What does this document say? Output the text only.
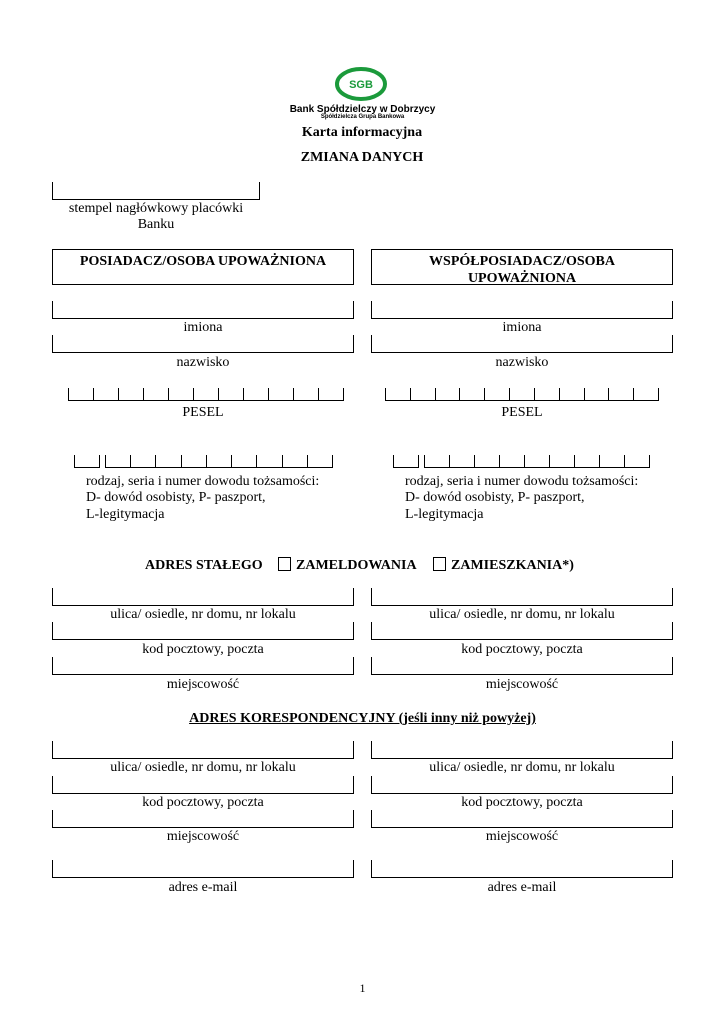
SGB
Bank Spółdzielczy w Dobrzycy
Spółdzielcza Grupa Bankowa
Karta informacyjna
ZMIANA DANYCH
stempel nagłówkowy placówki
Banku
POSIADACZ/OSOBA UPOWAŻNIONA	WSPÓŁPOSIADACZ/OSOBA UPOWAŻNIONA
imiona
nazwisko
PESEL
rodzaj, seria i numer dowodu tożsamości:
D- dowód osobisty, P- paszport,
L-legitymacja
imiona
nazwisko
PESEL
rodzaj, seria i numer dowodu tożsamości:
D- dowód osobisty, P- paszport,
L-legitymacja
ADRES STAŁEGO ZAMELDOWANIA ZAMIESZKANIA*)
ulica/ osiedle, nr domu, nr lokalu
kod pocztowy, poczta
miejscowość
ulica/ osiedle, nr domu, nr lokalu
kod pocztowy, poczta
miejscowość
ADRES KORESPONDENCYJNY (jeśli inny niż powyżej)
ulica/ osiedle, nr domu, nr lokalu
kod pocztowy, poczta
miejscowość
adres e-mail
ulica/ osiedle, nr domu, nr lokalu
kod pocztowy, poczta
miejscowość
adres e-mail
1
